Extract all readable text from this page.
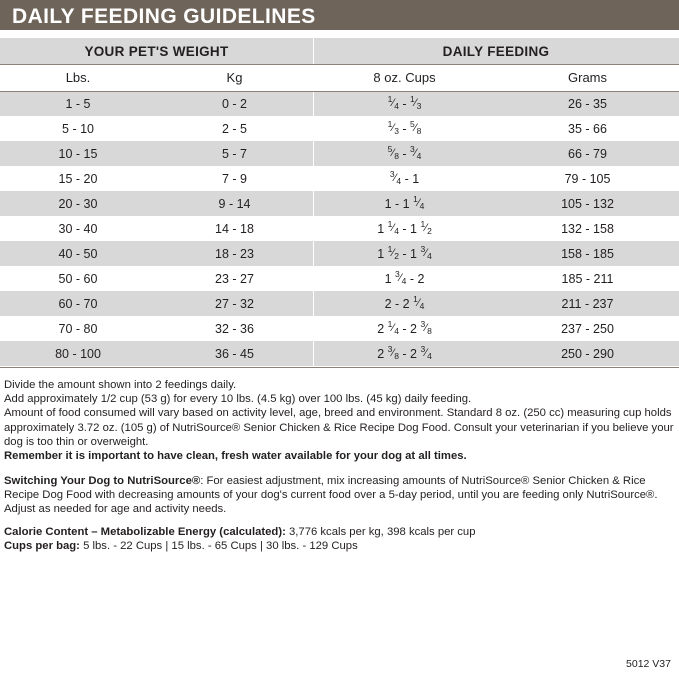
DAILY FEEDING GUIDELINES
YOUR PET'S WEIGHT	DAILY FEEDING
Lbs.	Kg	8 oz. Cups	Grams
1 - 5	0 - 2	1 ⁄ 4 - 1 ⁄ 3	26 - 35
5 - 10	2 - 5	1 ⁄ 3 - 5 ⁄ 8	35 - 66
10 - 15	5 - 7	5 ⁄ 8 - 3 ⁄ 4	66 - 79
15 - 20	7 - 9	3 ⁄ 4 - 1	79 - 105
20 - 30	9 - 14	1 - 1 1 ⁄ 4	105 - 132
30 - 40	14 - 18	1 1 ⁄ 4 - 1 1 ⁄ 2	132 - 158
40 - 50	18 - 23	1 1 ⁄ 2 - 1 3 ⁄ 4	158 - 185
50 - 60	23 - 27	1 3 ⁄ 4 - 2	185 - 211
60 - 70	27 - 32	2 - 2 1 ⁄ 4	211 - 237
70 - 80	32 - 36	2 1 ⁄ 4 - 2 3 ⁄ 8	237 - 250
80 - 100	36 - 45	2 3 ⁄ 8 - 2 3 ⁄ 4	250 - 290

Divide the amount shown into 2 feedings daily.

Add approximately 1/2 cup (53 g) for every 10 lbs. (4.5 kg) over 100 lbs. (45 kg) daily feeding.

Amount of food consumed will vary based on activity level, age, breed and environment. Standard 8 oz. (250 cc) measuring cup holds approximately 3.72 oz. (105 g) of NutriSource® Senior Chicken & Rice Recipe Dog Food. Consult your veterinarian if you believe your dog is too thin or overweight.

Remember it is important to have clean, fresh water available for your dog at all times.

Switching Your Dog to NutriSource®: For easiest adjustment, mix increasing amounts of NutriSource® Senior Chicken & Rice Recipe Dog Food with decreasing amounts of your dog's current food over a 5-day period, until you are feeding only NutriSource®. Adjust as needed for age and activity needs.

Calorie Content – Metabolizable Energy (calculated): 3,776 kcals per kg, 398 kcals per cup

Cups per bag: 5 lbs. - 22 Cups | 15 lbs. - 65 Cups | 30 lbs. - 129 Cups

5012 V37
